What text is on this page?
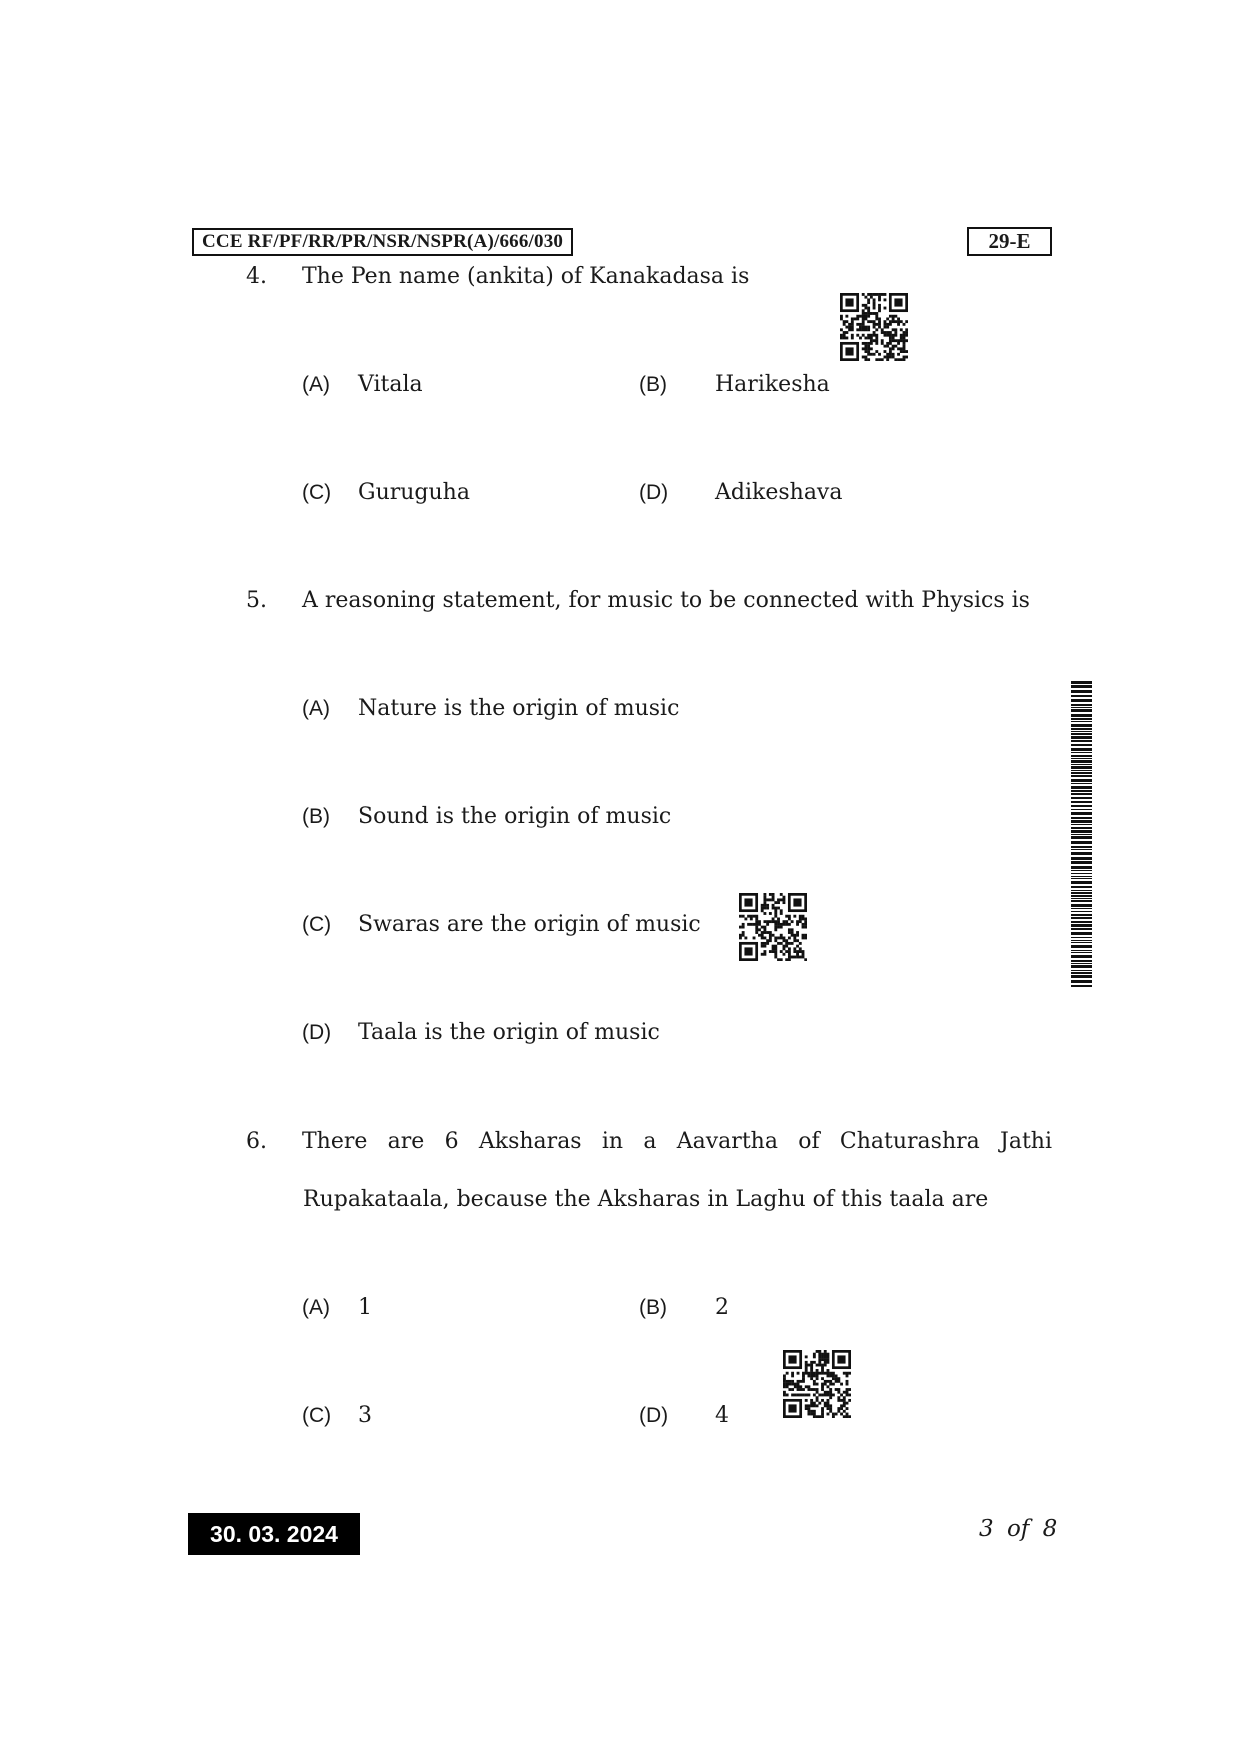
CCE RF/PF/RR/PR/NSR/NSPR(A)/666/030	29-E
4. The Pen name (ankita) of Kanakadasa is
(A) Vitala	(B) Harikesha
(C) Guruguha	(D) Adikeshava
5. A reasoning statement, for music to be connected with Physics is
(A) Nature is the origin of music
(B) Sound is the origin of music
(C) Swaras are the origin of music
(D) Taala is the origin of music
6. There are 6 Aksharas in a Aavartha of Chaturashra Jathi
Rupakataala, because the Aksharas in Laghu of this taala are
(A) 1	(B) 2
(C) 3	(D) 4
30. 03. 2024	3 of 8
